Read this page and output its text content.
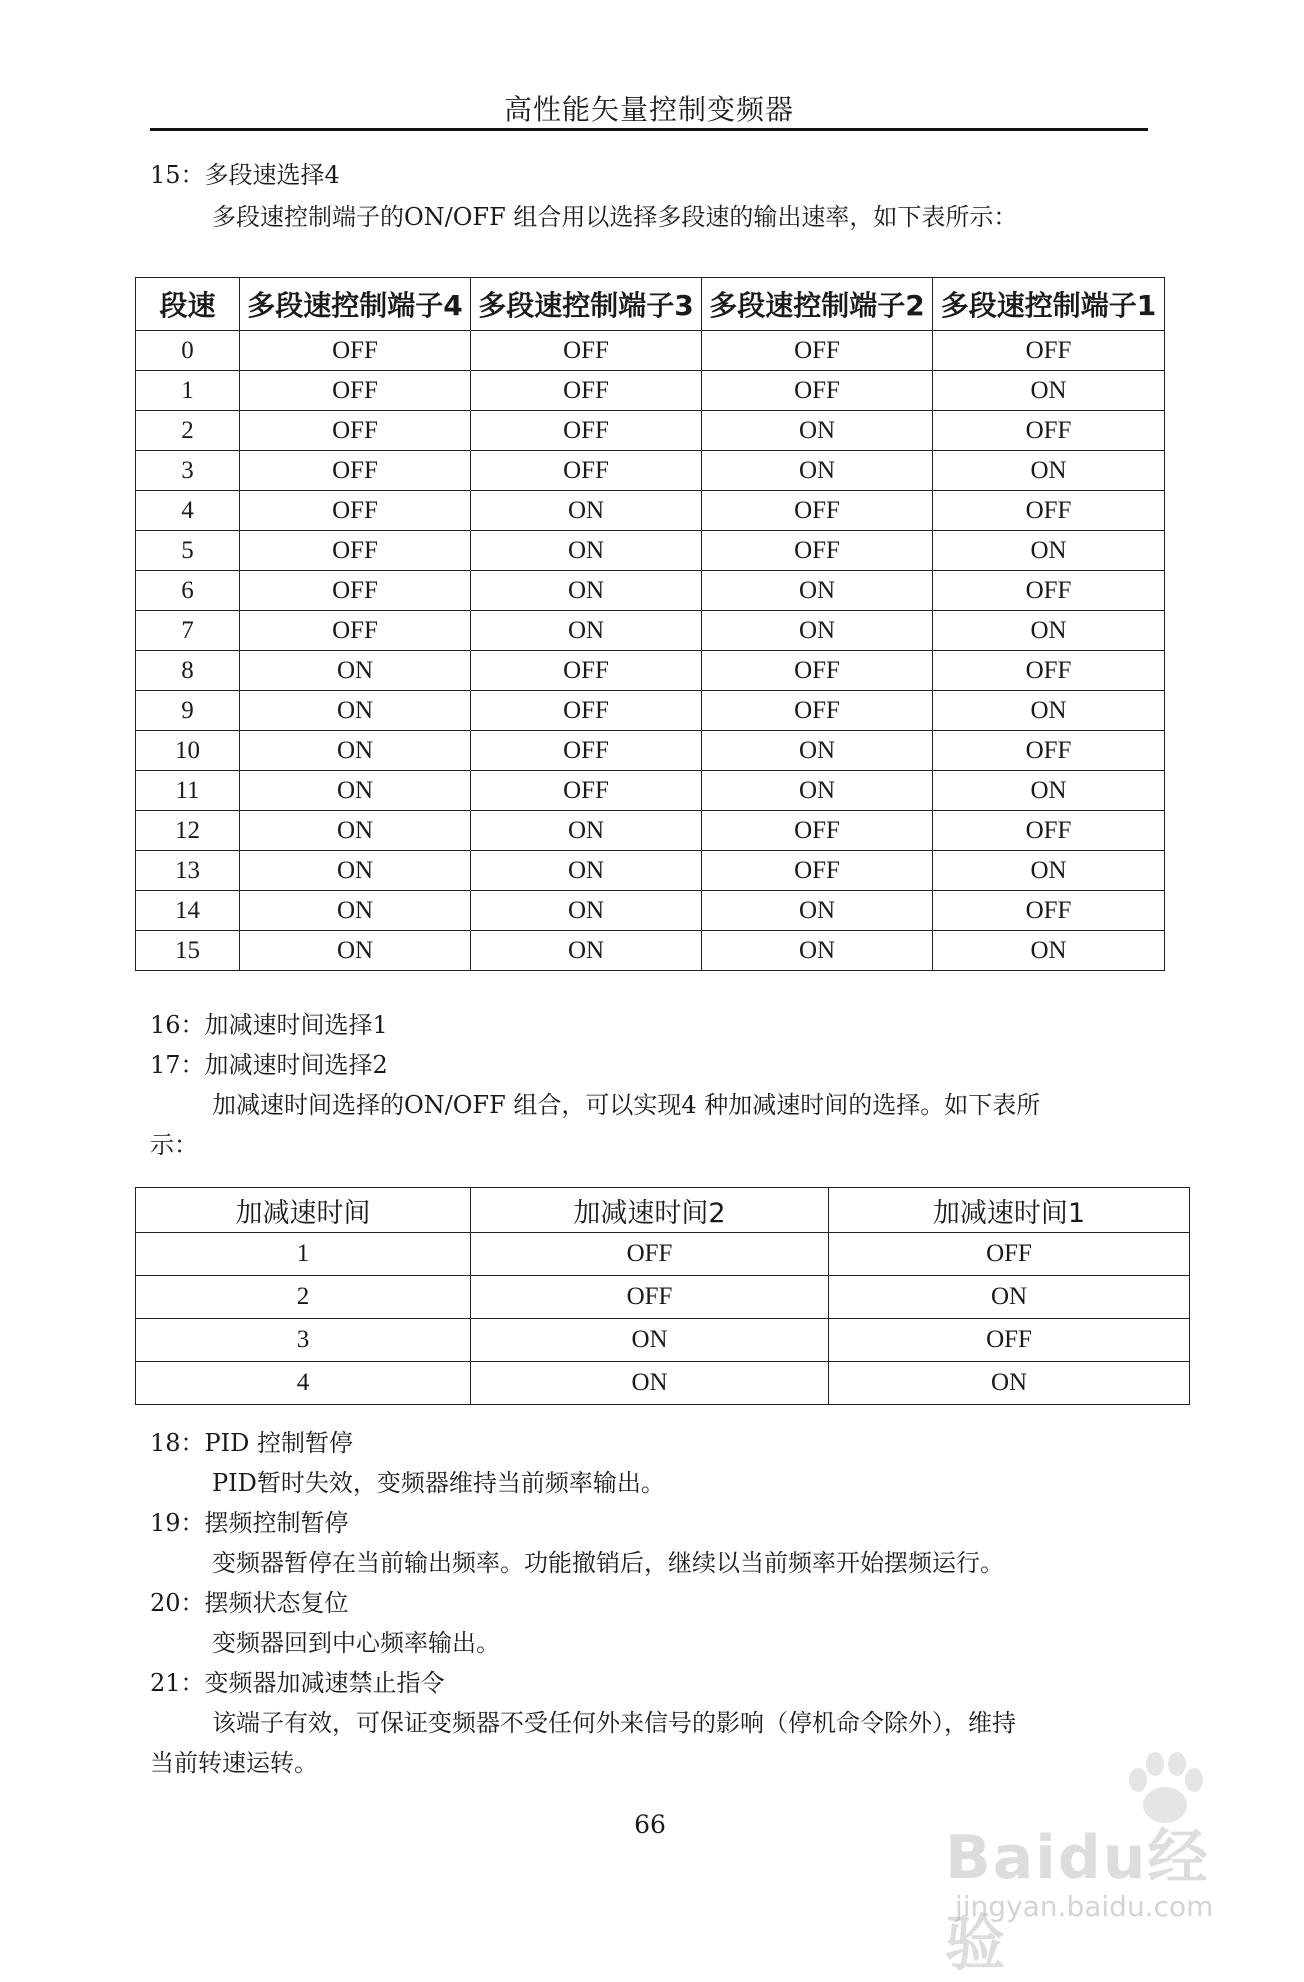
高性能矢量控制变频器
15：多段速选择4
多段速控制端子的ON/OFF 组合用以选择多段速的输出速率，如下表所示：
段速	多段速控制端子4	多段速控制端子3	多段速控制端子2	多段速控制端子1
0	OFF	OFF	OFF	OFF
1	OFF	OFF	OFF	ON
2	OFF	OFF	ON	OFF
3	OFF	OFF	ON	ON
4	OFF	ON	OFF	OFF
5	OFF	ON	OFF	ON
6	OFF	ON	ON	OFF
7	OFF	ON	ON	ON
8	ON	OFF	OFF	OFF
9	ON	OFF	OFF	ON
10	ON	OFF	ON	OFF
11	ON	OFF	ON	ON
12	ON	ON	OFF	OFF
13	ON	ON	OFF	ON
14	ON	ON	ON	OFF
15	ON	ON	ON	ON
16：加减速时间选择1
17：加减速时间选择2
加减速时间选择的ON/OFF 组合，可以实现4 种加减速时间的选择。如下表所
示：
加减速时间	加减速时间2	加减速时间1
1	OFF	OFF
2	OFF	ON
3	ON	OFF
4	ON	ON
18：PID 控制暂停
PID暂时失效，变频器维持当前频率输出。
19：摆频控制暂停
变频器暂停在当前输出频率。功能撤销后，继续以当前频率开始摆频运行。
20：摆频状态复位
变频器回到中心频率输出。
21：变频器加减速禁止指令
该端子有效，可保证变频器不受任何外来信号的影响（停机命令除外），维持
当前转速运转。
66	Baidu经验
jingyan.baidu.com
